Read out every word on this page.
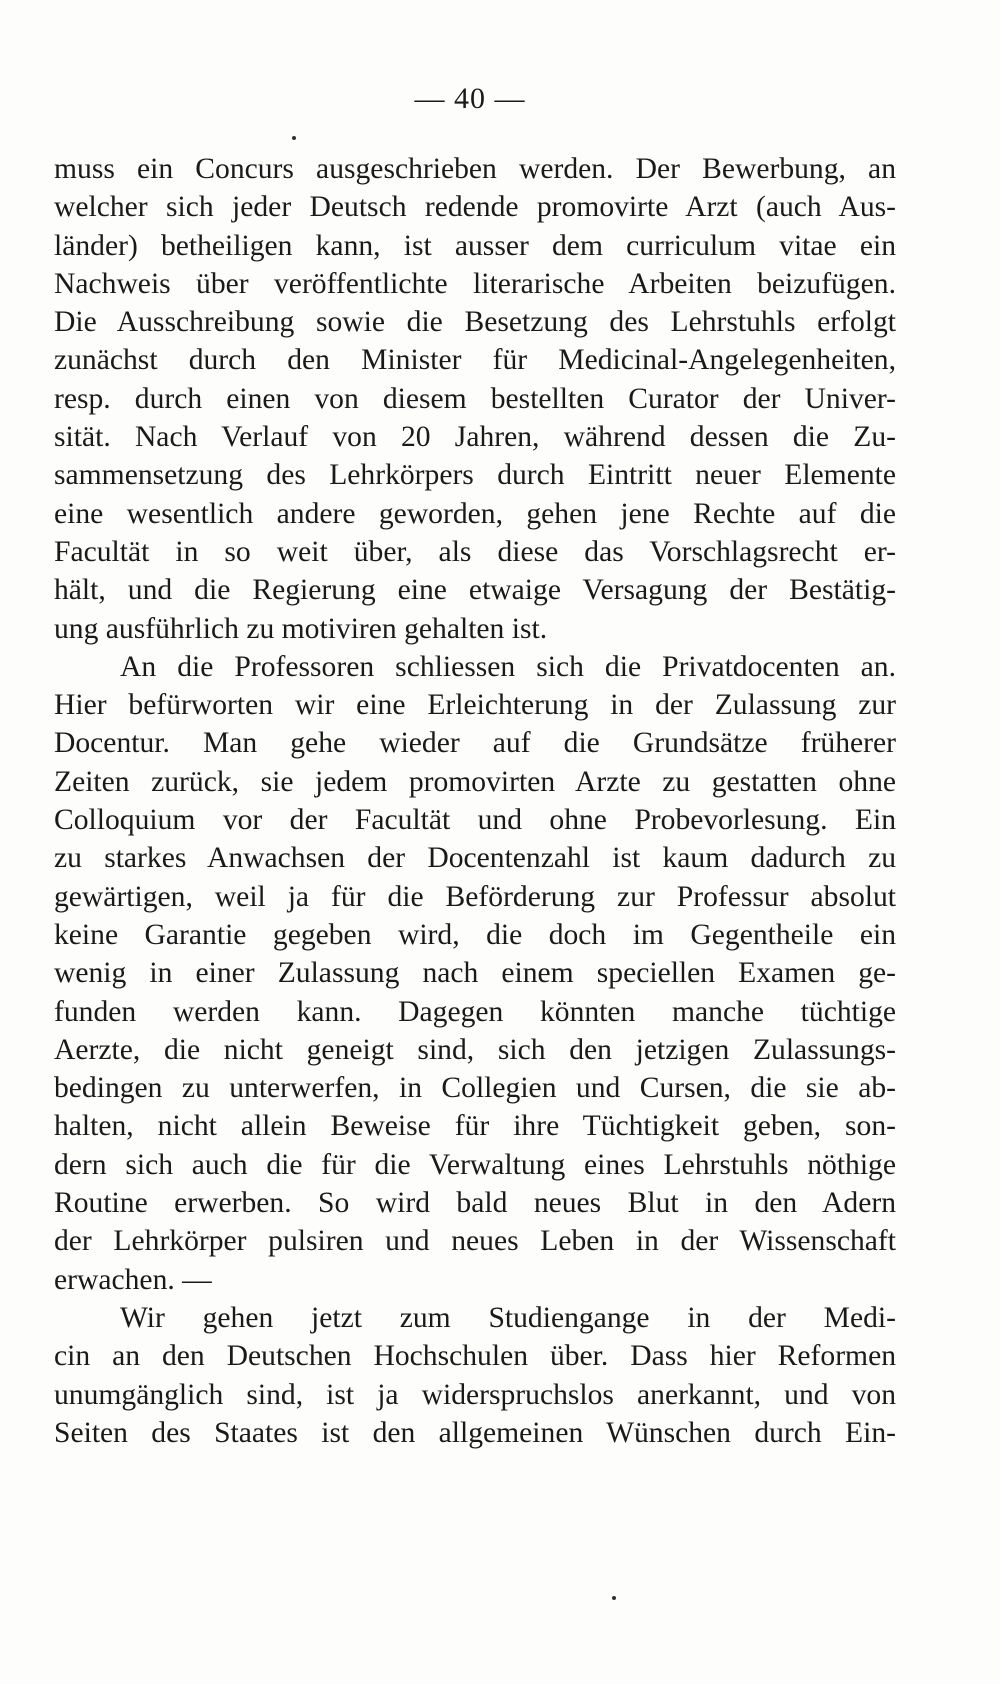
— 40 —
muss ein Concurs ausgeschrieben werden. Der Bewerbung, an
welcher sich jeder Deutsch redende promovirte Arzt (auch Aus-
länder) betheiligen kann, ist ausser dem curriculum vitae ein
Nachweis über veröffentlichte literarische Arbeiten beizufügen.
Die Ausschreibung sowie die Besetzung des Lehrstuhls erfolgt
zunächst durch den Minister für Medicinal-Angelegenheiten,
resp. durch einen von diesem bestellten Curator der Univer-
sität. Nach Verlauf von 20 Jahren, während dessen die Zu-
sammensetzung des Lehrkörpers durch Eintritt neuer Elemente
eine wesentlich andere geworden, gehen jene Rechte auf die
Facultät in so weit über, als diese das Vorschlagsrecht er-
hält, und die Regierung eine etwaige Versagung der Bestätig-
ung ausführlich zu motiviren gehalten ist.
An die Professoren schliessen sich die Privatdocenten an.
Hier befürworten wir eine Erleichterung in der Zulassung zur
Docentur. Man gehe wieder auf die Grundsätze früherer
Zeiten zurück, sie jedem promovirten Arzte zu gestatten ohne
Colloquium vor der Facultät und ohne Probevorlesung. Ein
zu starkes Anwachsen der Docentenzahl ist kaum dadurch zu
gewärtigen, weil ja für die Beförderung zur Professur absolut
keine Garantie gegeben wird, die doch im Gegentheile ein
wenig in einer Zulassung nach einem speciellen Examen ge-
funden werden kann. Dagegen könnten manche tüchtige
Aerzte, die nicht geneigt sind, sich den jetzigen Zulassungs-
bedingen zu unterwerfen, in Collegien und Cursen, die sie ab-
halten, nicht allein Beweise für ihre Tüchtigkeit geben, son-
dern sich auch die für die Verwaltung eines Lehrstuhls nöthige
Routine erwerben. So wird bald neues Blut in den Adern
der Lehrkörper pulsiren und neues Leben in der Wissenschaft
erwachen. —
Wir gehen jetzt zum Studiengange in der Medi-
cin an den Deutschen Hochschulen über. Dass hier Reformen
unumgänglich sind, ist ja widerspruchslos anerkannt, und von
Seiten des Staates ist den allgemeinen Wünschen durch Ein-
